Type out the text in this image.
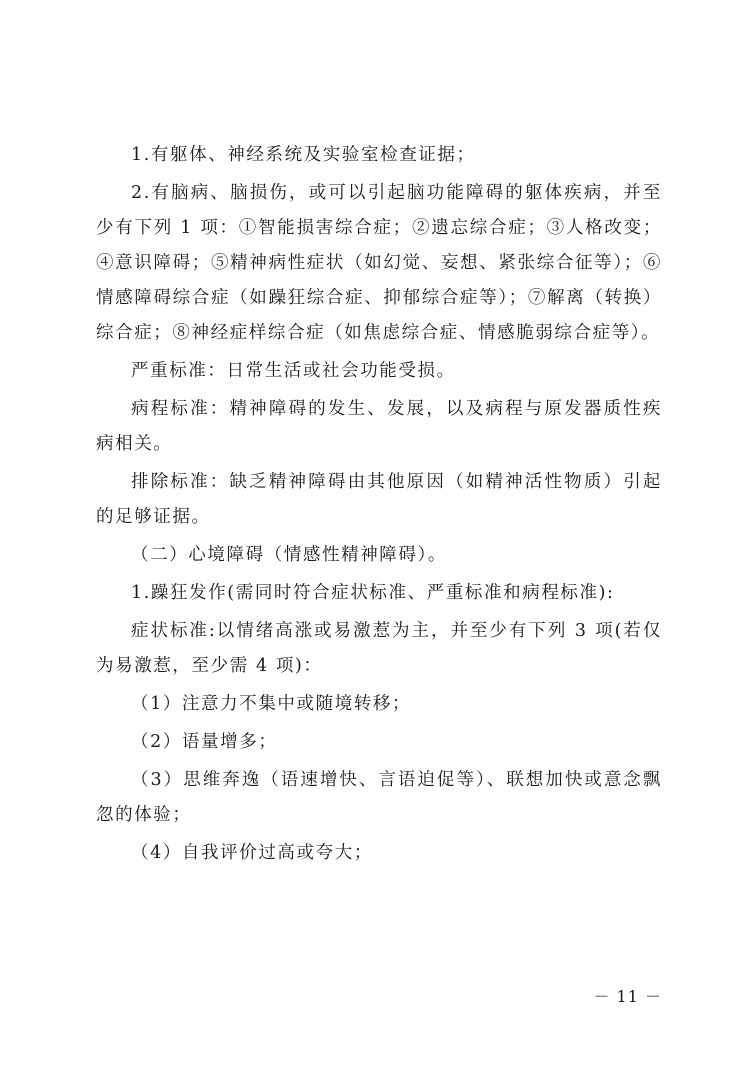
1.有躯体、神经系统及实验室检查证据；

2.有脑病、脑损伤，或可以引起脑功能障碍的躯体疾病，并至少有下列 1 项：①智能损害综合症；②遗忘综合症；③人格改变；④意识障碍；⑤精神病性症状（如幻觉、妄想、紧张综合征等）；⑥情感障碍综合症（如躁狂综合症、抑郁综合症等）；⑦解离（转换）综合症；⑧神经症样综合症（如焦虑综合症、情感脆弱综合症等）。

严重标准：日常生活或社会功能受损。

病程标准：精神障碍的发生、发展，以及病程与原发器质性疾病相关。

排除标准：缺乏精神障碍由其他原因（如精神活性物质）引起的足够证据。

（二）心境障碍（情感性精神障碍）。

1.躁狂发作(需同时符合症状标准、严重标准和病程标准):

症状标准:以情绪高涨或易激惹为主，并至少有下列 3 项(若仅为易激惹，至少需 4 项)：

（1）注意力不集中或随境转移；

（2）语量增多；

（3）思维奔逸（语速增快、言语迫促等）、联想加快或意念飘忽的体验；

（4）自我评价过高或夸大；

－ 11 －
